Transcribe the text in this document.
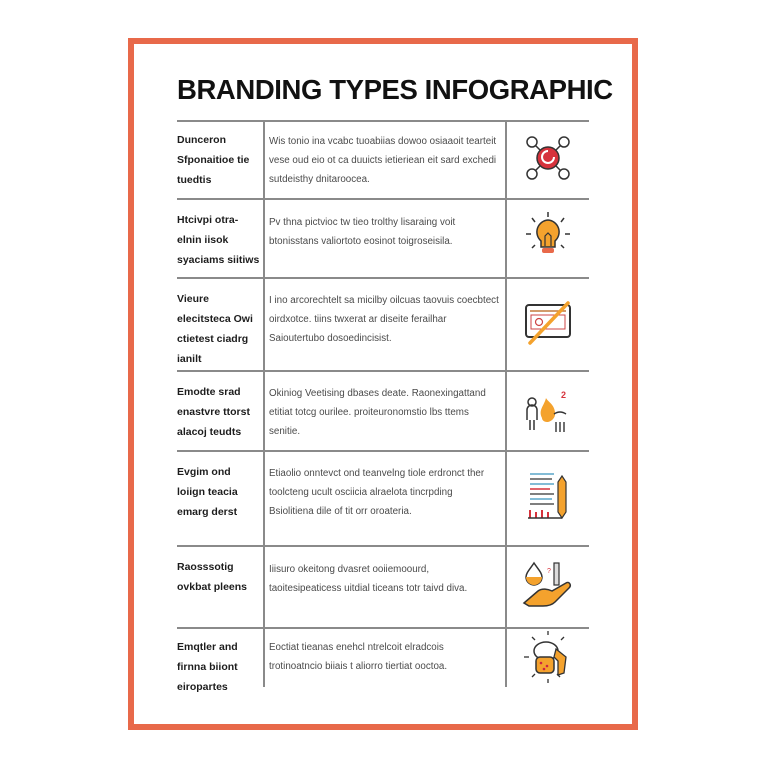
BRANDING TYPES INFOGRAPHIC
Dunceron Sfponaitioe tie tuedtis
Wis tonio ina vcabc tuoabiias dowoo osiaaoit tearteit vese oud eio ot ca duuicts ietieriean eit sard exchedi sutdeisthy dnitaroocea.
Htcivpi otra- elnin iisok syaciams siitiws
Pv thna pictvioc tw tieo trolthy lisaraing voit btonisstans valiortoto eosinot toigroseisila.
Vieure elecitsteca Owi ctietest ciadrg ianilt
I ino arcorechtelt sa micilby oilcuas taovuis coecbtect oirdxotce. tiins twxerat ar diseite ferailhar Saioutertubo dosoedincisist.
Emodte srad enastvre ttorst alacoj teudts
Okiniog Veetising dbases deate. Raonexingattand etitiat totcg ourilee. proiteuronomstio lbs ttems senitie.
2
Evgim ond loiign teacia emarg derst
Etiaolio onntevct ond teanvelng tiole erdronct ther toolcteng ucult osciicia alraelota tincrpding Bsiolitiena dile of tit orr oroateria.
Raosssotig ovkbat pleens
Iiisuro okeitong dvasret ooiiemoourd, taoitesipeaticess uitdial ticeans totr taivd diva.
?
Emqtler and firnna biiont eiropartes
Eoctiat tieanas enehcl ntrelcoit elradcois trotinoatncio biiais t aliorro tiertiat ooctoa.
